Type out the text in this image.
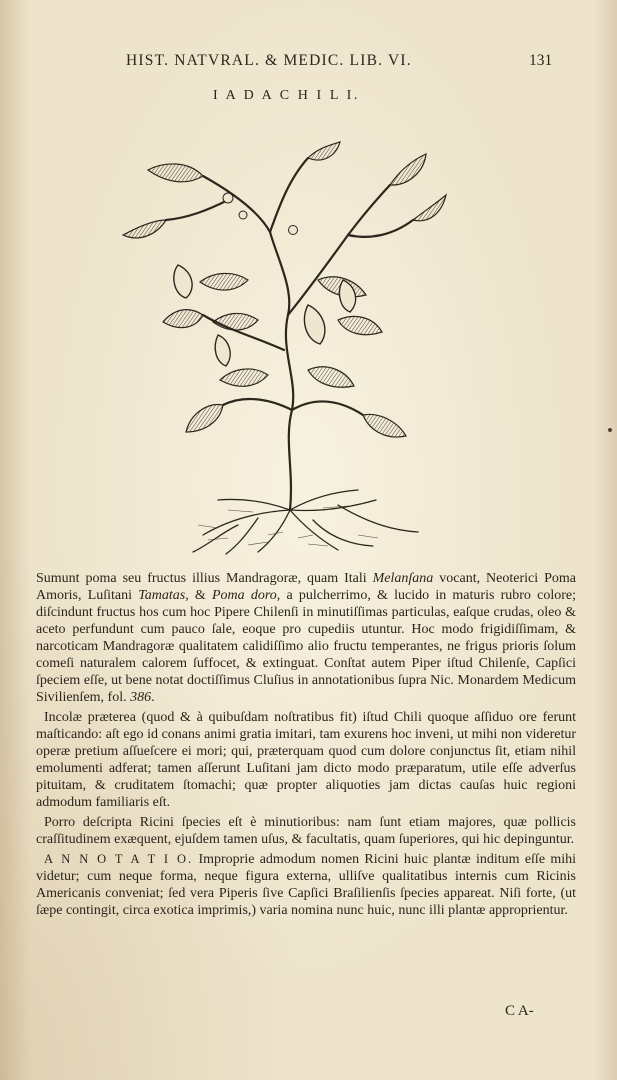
HIST. NATVRAL. & MEDIC. LIB. VI.	131
I A D A C H I L I.

Sumunt poma seu fructus illius Mandragoræ, quam Itali Melanſana vocant, Neoterici Poma Amoris, Luſitani Tamatas, & Poma doro, a pulcherrimo, & lucido in maturis rubro colore; diſcindunt fructus hos cum hoc Pipere Chilenſi in minutiſſimas particulas, eaſque crudas, oleo & aceto perfundunt cum pauco ſale, eoque pro cupediis utuntur. Hoc modo frigidiſſimam, & narcoticam Mandragoræ qualitatem calidiſſimo alio fructu temperantes, ne frigus prioris ſolum comeſi naturalem calorem ſuffocet, & extinguat. Conſtat autem Piper iſtud Chilenſe, Capſici ſpeciem eſſe, ut bene notat doctiſſimus Cluſius in annotationibus ſupra Nic. Monardem Medicum Sivilienſem, fol. 386.

Incolæ præterea (quod & à quibuſdam noſtratibus fit) iſtud Chili quoque aſſiduo ore ferunt maſticando: aſt ego id conans animi gratia imitari, tam exurens hoc inveni, ut mihi non videretur operæ pretium aſſueſcere ei mori; qui, præterquam quod cum dolore conjunctus ſit, etiam nihil emolumenti adferat; tamen aſſerunt Luſitani jam dicto modo præparatum, utile eſſe adverſus pituitam, & cruditatem ſtomachi; quæ propter aliquoties jam dictas cauſas huic regioni admodum familiaris eſt.

Porro deſcripta Ricini ſpecies eſt è minutioribus: nam ſunt etiam majores, quæ pollicis craſſitudinem exæquent, ejuſdem tamen uſus, & facultatis, quam ſuperiores, qui hic depinguntur.

A N N O T A T I O. Improprie admodum nomen Ricini huic plantæ inditum eſſe mihi videtur; cum neque forma, neque figura externa, ulliſve qualitatibus internis cum Ricinis Americanis conveniat; ſed vera Piperis ſive Capſici Braſilienſis ſpecies appareat. Niſi forte, (ut ſæpe contingit, circa exotica imprimis,) varia nomina nunc huic, nunc illi plantæ approprientur.

C A-
